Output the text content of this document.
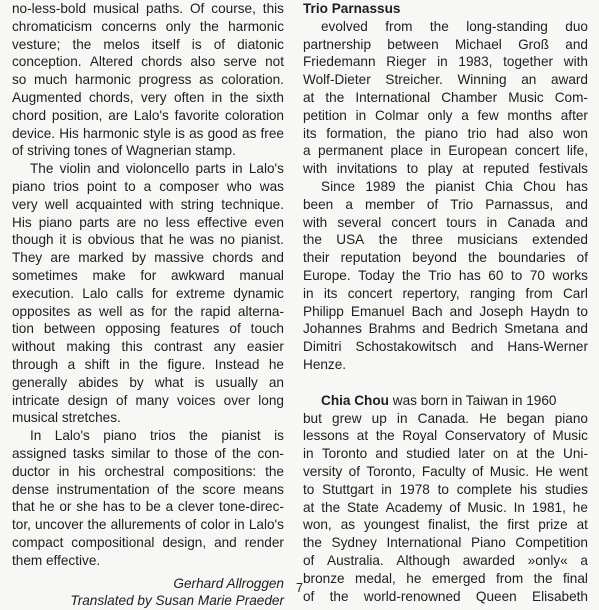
no-less-bold musical paths. Of course, this
chromaticism concerns only the harmonic
vesture; the melos itself is of diatonic
conception. Altered chords also serve not
so much harmonic progress as coloration.
Augmented chords, very often in the sixth
chord position, are Lalo's favorite coloration
device. His harmonic style is as good as free
of striving tones of Wagnerian stamp.
The violin and violoncello parts in Lalo's
piano trios point to a composer who was
very well acquainted with string technique.
His piano parts are no less effective even
though it is obvious that he was no pianist.
They are marked by massive chords and
sometimes make for awkward manual
execution. Lalo calls for extreme dynamic
opposites as well as for the rapid alterna-
tion between opposing features of touch
without making this contrast any easier
through a shift in the figure. Instead he
generally abides by what is usually an
intricate design of many voices over long
musical stretches.
In Lalo's piano trios the pianist is
assigned tasks similar to those of the con-
ductor in his orchestral compositions: the
dense instrumentation of the score means
that he or she has to be a clever tone-direc-
tor, uncover the allurements of color in Lalo's
compact compositional design, and render
them effective.
Gerhard Allroggen
Translated by Susan Marie Praeder
Trio Parnassus
evolved from the long-standing duo
partnership between Michael Groß and
Friedemann Rieger in 1983, together with
Wolf-Dieter Streicher. Winning an award
at the International Chamber Music Com-
petition in Colmar only a few months after
its formation, the piano trio had also won
a permanent place in European concert life,
with invitations to play at reputed festivals
Since 1989 the pianist Chia Chou has
been a member of Trio Parnassus, and
with several concert tours in Canada and
the USA the three musicians extended
their reputation beyond the boundaries of
Europe. Today the Trio has 60 to 70 works
in its concert repertory, ranging from Carl
Philipp Emanuel Bach and Joseph Haydn to
Johannes Brahms and Bedrich Smetana and
Dimitri Schostakowitsch and Hans-Werner
Henze.
Chia Chou was born in Taiwan in 1960
but grew up in Canada. He began piano
lessons at the Royal Conservatory of Music
in Toronto and studied later on at the Uni-
versity of Toronto, Faculty of Music. He went
to Stuttgart in 1978 to complete his studies
at the State Academy of Music. In 1981, he
won, as youngest finalist, the first prize at
the Sydney International Piano Competition
of Australia. Although awarded »only« a
bronze medal, he emerged from the final
of the world-renowned Queen Elisabeth
7
